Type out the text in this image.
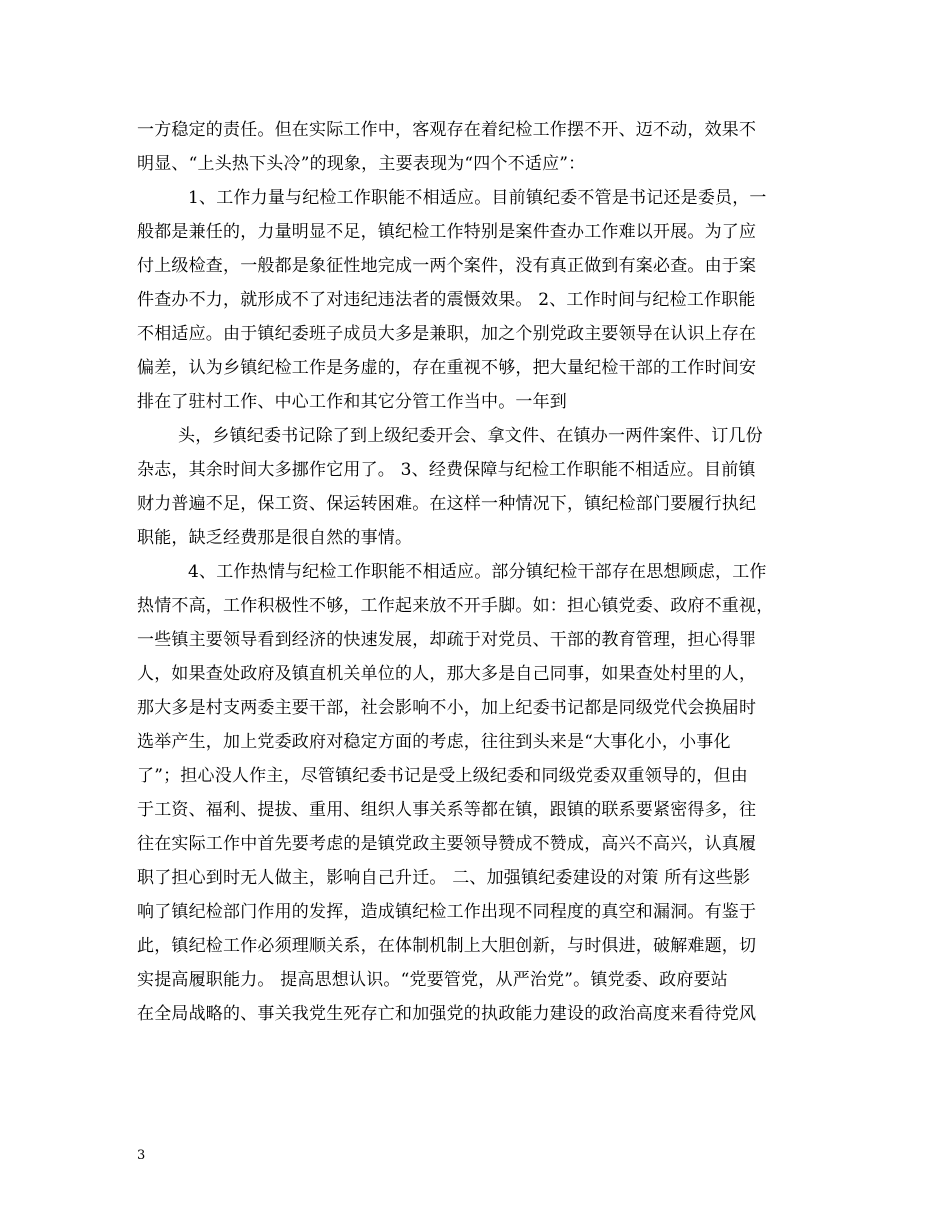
一方稳定的责任。但在实际工作中，客观存在着纪检工作摆不开、迈不动，效果不
明显、“上头热下头冷”的现象，主要表现为“四个不适应”：
1、工作力量与纪检工作职能不相适应。目前镇纪委不管是书记还是委员，一
般都是兼任的，力量明显不足，镇纪检工作特别是案件查办工作难以开展。为了应
付上级检查，一般都是象征性地完成一两个案件，没有真正做到有案必查。由于案
件查办不力，就形成不了对违纪违法者的震慑效果。 2、工作时间与纪检工作职能
不相适应。由于镇纪委班子成员大多是兼职，加之个别党政主要领导在认识上存在
偏差，认为乡镇纪检工作是务虚的，存在重视不够，把大量纪检干部的工作时间安
排在了驻村工作、中心工作和其它分管工作当中。一年到
头，乡镇纪委书记除了到上级纪委开会、拿文件、在镇办一两件案件、订几份
杂志，其余时间大多挪作它用了。 3、经费保障与纪检工作职能不相适应。目前镇
财力普遍不足，保工资、保运转困难。在这样一种情况下，镇纪检部门要履行执纪
职能，缺乏经费那是很自然的事情。
4、工作热情与纪检工作职能不相适应。部分镇纪检干部存在思想顾虑，工作
热情不高，工作积极性不够，工作起来放不开手脚。如：担心镇党委、政府不重视，
一些镇主要领导看到经济的快速发展，却疏于对党员、干部的教育管理，担心得罪
人，如果查处政府及镇直机关单位的人，那大多是自己同事，如果查处村里的人，
那大多是村支两委主要干部，社会影响不小，加上纪委书记都是同级党代会换届时
选举产生，加上党委政府对稳定方面的考虑，往往到头来是“大事化小，小事化
了”；担心没人作主，尽管镇纪委书记是受上级纪委和同级党委双重领导的，但由
于工资、福利、提拔、重用、组织人事关系等都在镇，跟镇的联系要紧密得多，往
往在实际工作中首先要考虑的是镇党政主要领导赞成不赞成，高兴不高兴，认真履
职了担心到时无人做主，影响自己升迁。 二、加强镇纪委建设的对策 所有这些影
响了镇纪检部门作用的发挥，造成镇纪检工作出现不同程度的真空和漏洞。有鉴于
此，镇纪检工作必须理顺关系，在体制机制上大胆创新，与时俱进，破解难题，切
实提高履职能力。 提高思想认识。“党要管党，从严治党”。镇党委、政府要站
在全局战略的、事关我党生死存亡和加强党的执政能力建设的政治高度来看待党风
3
